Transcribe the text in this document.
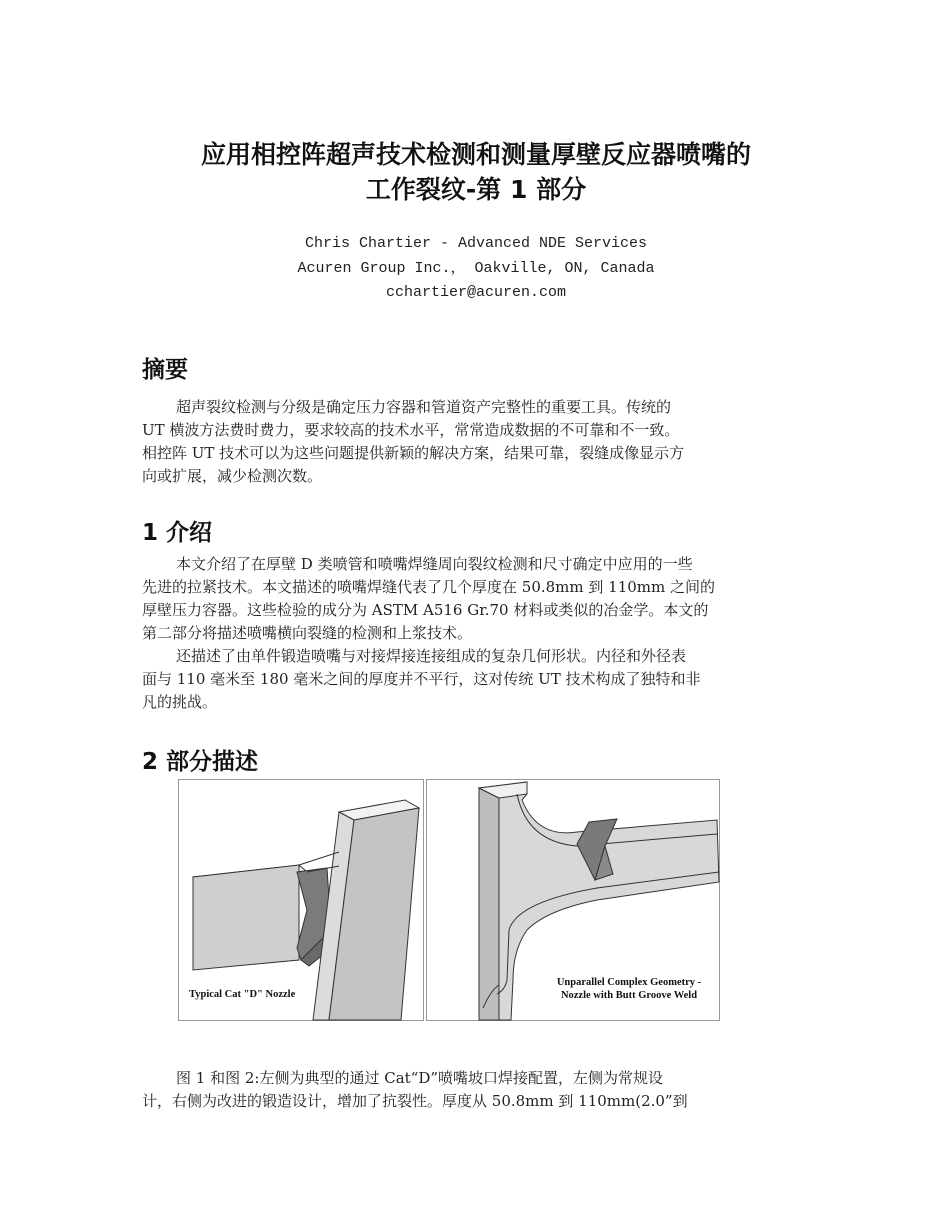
应用相控阵超声技术检测和测量厚壁反应器喷嘴的
工作裂纹-第 1 部分
Chris Chartier - Advanced NDE Services
Acuren Group Inc.， Oakville, ON, Canada
cchartier@acuren.com
摘要
超声裂纹检测与分级是确定压力容器和管道资产完整性的重要工具。传统的
UT 横波方法费时费力，要求较高的技术水平，常常造成数据的不可靠和不一致。
相控阵 UT 技术可以为这些问题提供新颖的解决方案，结果可靠，裂缝成像显示方
向或扩展，减少检测次数。
1 介绍
本文介绍了在厚壁 D 类喷管和喷嘴焊缝周向裂纹检测和尺寸确定中应用的一些
先进的拉紧技术。本文描述的喷嘴焊缝代表了几个厚度在 50.8mm 到 110mm 之间的
厚壁压力容器。这些检验的成分为 ASTM A516 Gr.70 材料或类似的冶金学。本文的
第二部分将描述喷嘴横向裂缝的检测和上浆技术。
还描述了由单件锻造喷嘴与对接焊接连接组成的复杂几何形状。内径和外径表
面与 110 毫米至 180 毫米之间的厚度并不平行，这对传统 UT 技术构成了独特和非
凡的挑战。
2 部分描述
Typical Cat "D" Nozzle
Unparallel Complex Geometry -
Nozzle with Butt Groove Weld
图 1 和图 2:左侧为典型的通过 Cat“D”喷嘴坡口焊接配置，左侧为常规设
计，右侧为改进的锻造设计，增加了抗裂性。厚度从 50.8mm 到 110mm(2.0”到
